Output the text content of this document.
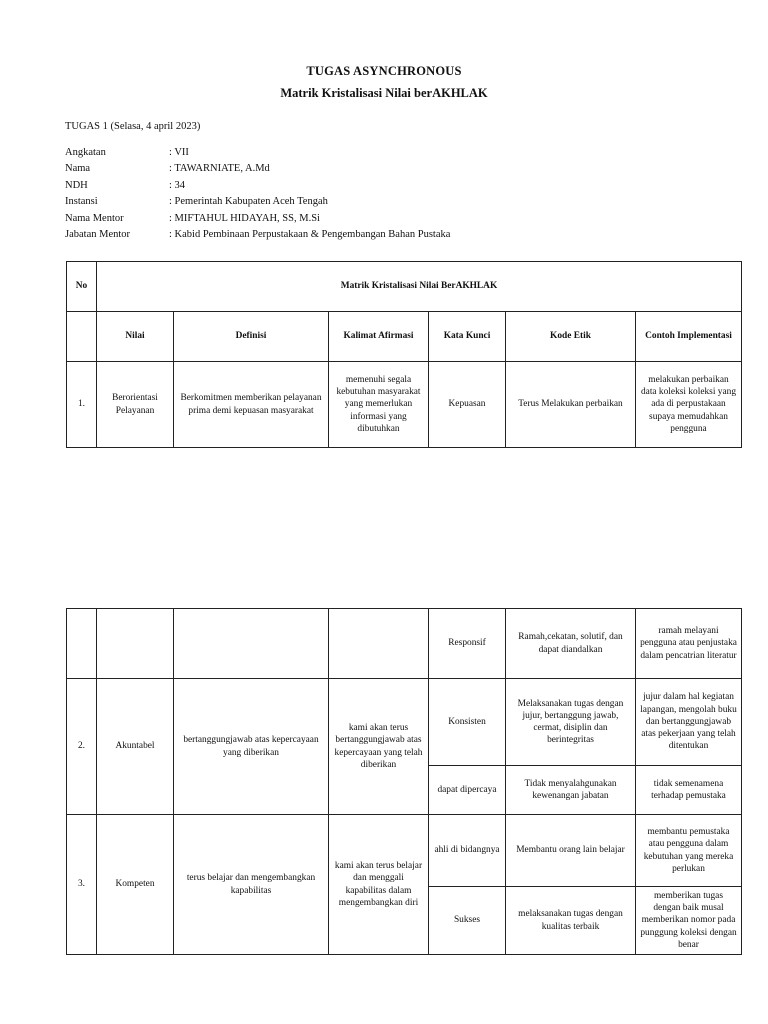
TUGAS ASYNCHRONOUS
Matrik Kristalisasi Nilai berAKHLAK
TUGAS 1 (Selasa, 4 april 2023)
Angkatan	: VII
Nama	: TAWARNIATE, A.Md
NDH	: 34
Instansi	: Pemerintah Kabupaten Aceh Tengah
Nama Mentor	: MIFTAHUL HIDAYAH, SS, M.Si
Jabatan Mentor	: Kabid Pembinaan Perpustakaan & Pengembangan Bahan Pustaka
No	Matrik Kristalisasi Nilai BerAKHLAK					
	Nilai	Definisi	Kalimat Afirmasi	Kata Kunci	Kode Etik	Contoh Implementasi
1.	Berorientasi Pelayanan	Berkomitmen memberikan pelayanan prima demi kepuasan masyarakat	memenuhi segala kebutuhan masyarakat yang memerlukan informasi yang dibutuhkan	Kepuasan	Terus Melakukan perbaikan	melakukan perbaikan data koleksi koleksi yang ada di perpustakaan supaya memudahkan pengguna
				Responsif	Ramah,cekatan, solutif, dan dapat diandalkan	ramah melayani pengguna atau penjustaka dalam pencatrian literatur
2.	Akuntabel	bertanggungjawab atas kepercayaan yang diberikan	kami akan terus bertanggungjawab atas kepercayaan yang telah diberikan	Konsisten	Melaksanakan tugas dengan jujur, bertanggung jawab, cermat, disiplin dan berintegritas	jujur dalam hal kegiatan lapangan, mengolah buku dan bertanggungjawab atas pekerjaan yang telah ditentukan
				dapat dipercaya	Tidak menyalahgunakan kewenangan jabatan	tidak semenamena terhadap pemustaka
3.	Kompeten	terus belajar dan mengembangkan kapabilitas	kami akan terus belajar dan menggali kapabilitas dalam mengembangkan diri	ahli di bidangnya	Membantu orang lain belajar	membantu pemustaka atau pengguna dalam kebutuhan yang mereka perlukan
				Sukses	melaksanakan tugas dengan kualitas terbaik	memberikan tugas dengan baik musal memberikan nomor pada punggung koleksi dengan benar
